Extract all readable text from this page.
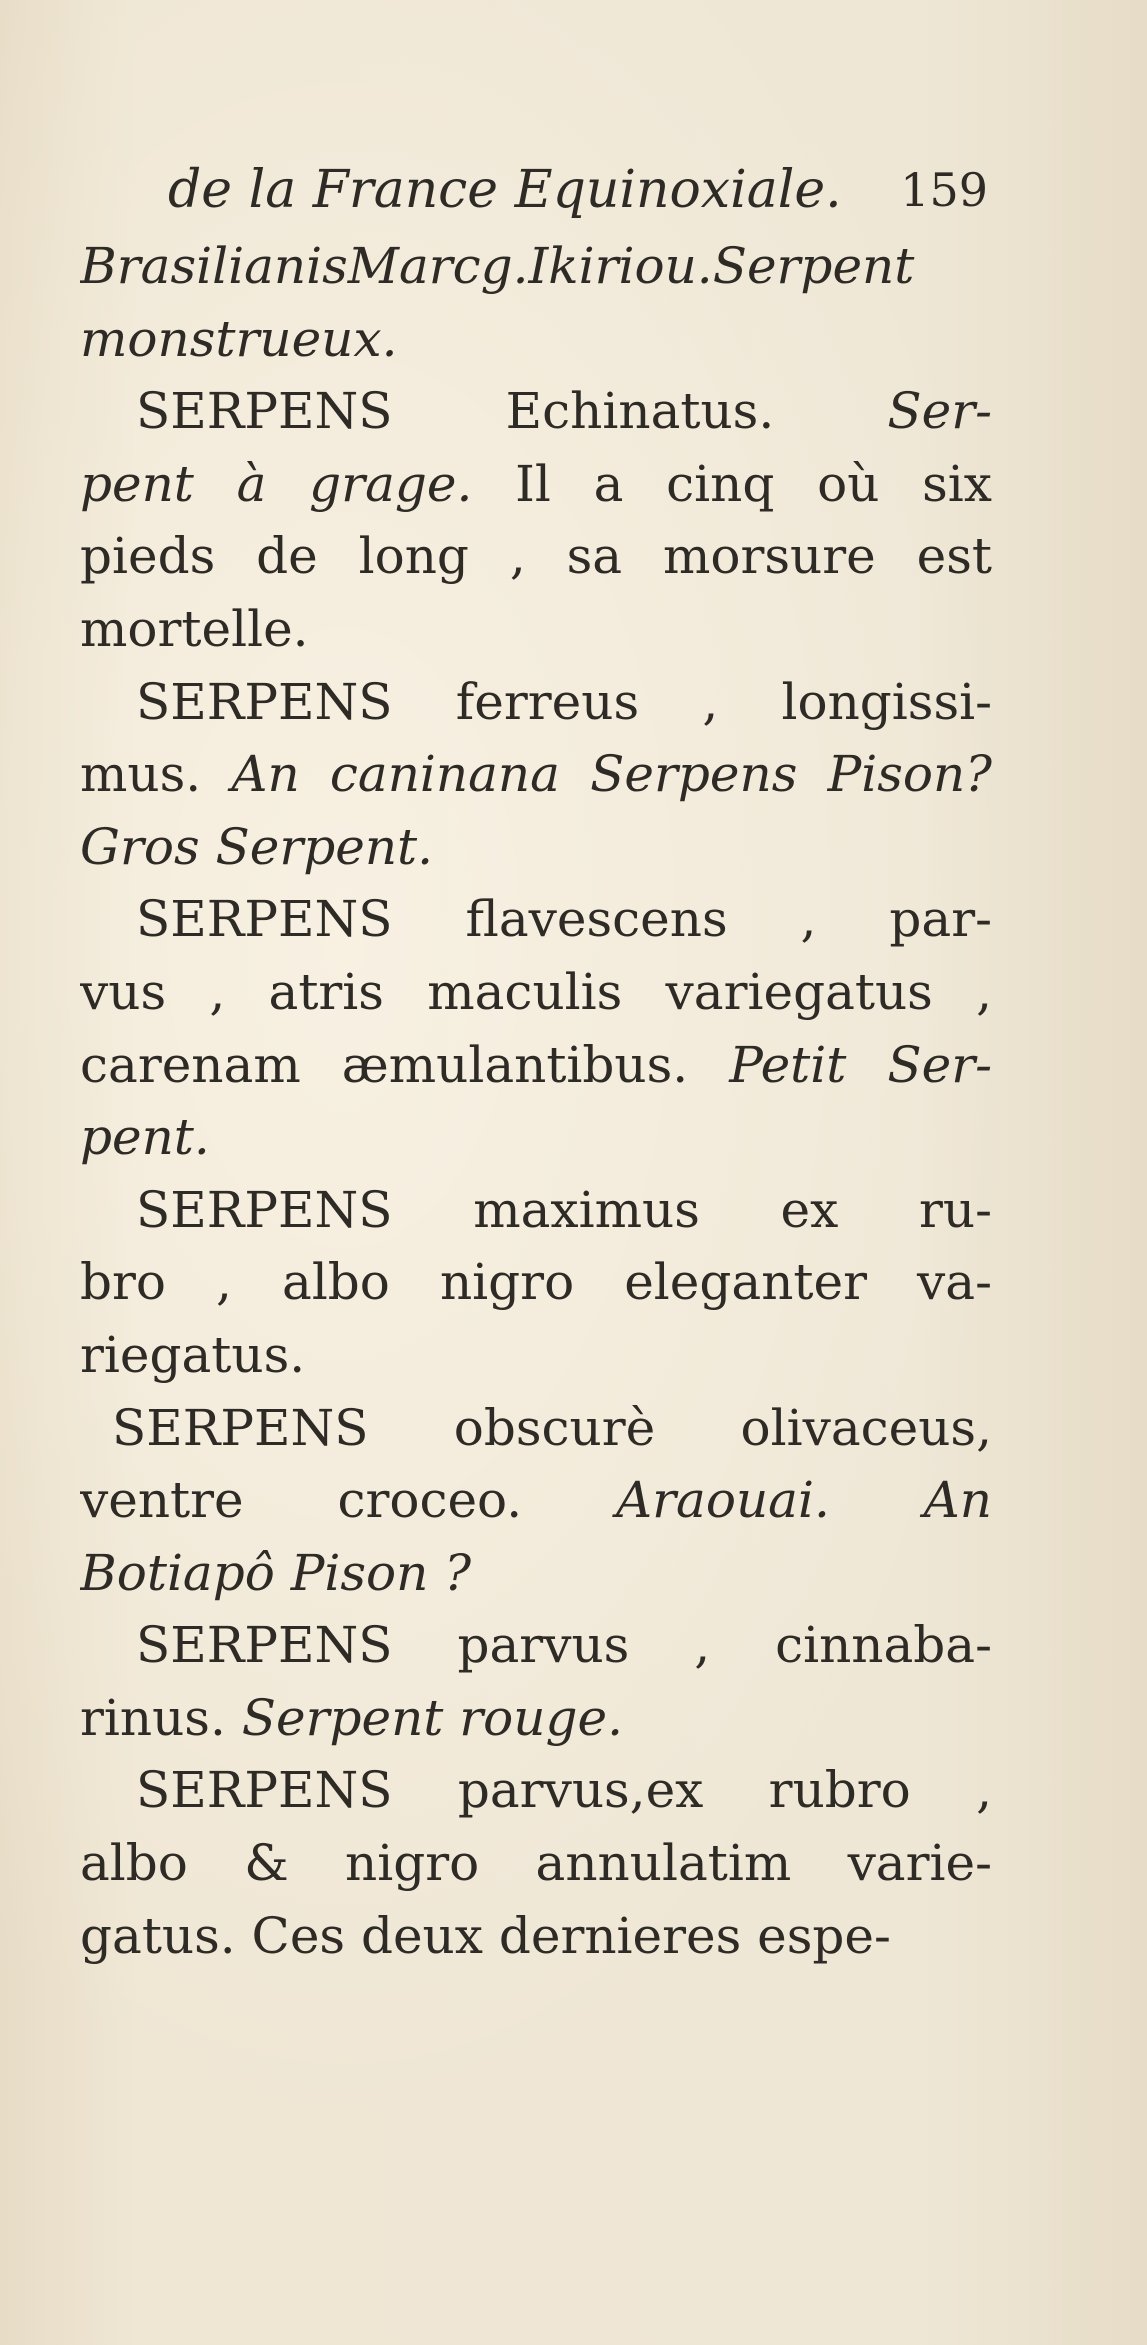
de la France Equinoxiale. 159
BrasilianisMarcg.Ikiriou.Serpent
monstrueux.
SERPENS Echinatus. Ser-
pent à grage. Il a cinq où six
pieds de long , sa morsure est
mortelle.
SERPENS ferreus , longissi-
mus. An caninana Serpens Pison?
Gros Serpent.
SERPENS flavescens , par-
vus , atris maculis variegatus ,
carenam æmulantibus. Petit Ser-
pent.
SERPENS maximus ex ru-
bro , albo nigro eleganter va-
riegatus.
SERPENS obscurè olivaceus,
ventre croceo. Araouai. An
Botiapô Pison ?
SERPENS parvus , cinnaba-
rinus. Serpent rouge.
SERPENS parvus,ex rubro ,
albo & nigro annulatim varie-
gatus. Ces deux dernieres espe-
